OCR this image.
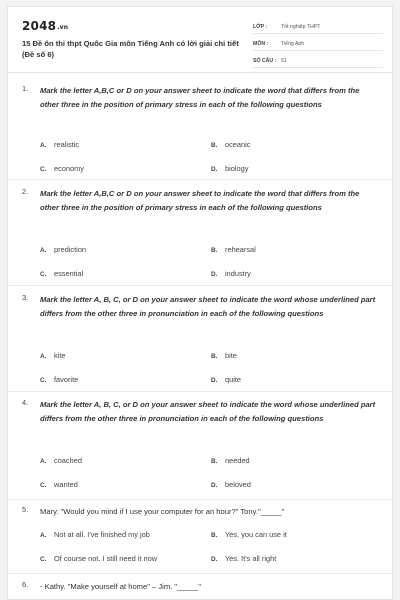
2048.vn
15 Đề ôn thi thpt Quốc Gia môn Tiếng Anh có lời giải chi tiết (Đề số 6)
LỚP :	Tốt nghiệp THPT
MÔN :	Tiếng Anh
SỐ CÂU : 51
1. Mark the letter A,B,C or D on your answer sheet to indicate the word that differs from the other three in the position of primary stress in each of the following questions
A. realistic	B. oceanic
C. economy	D. biology
2. Mark the letter A,B,C or D on your answer sheet to indicate the word that differs from the other three in the position of primary stress in each of the following questions
A. prediction	B. rehearsal
C. essential	D. industry
3. Mark the letter A, B, C, or D on your answer sheet to indicate the word whose underlined part differs from the other three in pronunciation in each of the following questions
A. kite	B. bite
C. favorite	D. quite
4. Mark the letter A, B, C, or D on your answer sheet to indicate the word whose underlined part differs from the other three in pronunciation in each of the following questions
A. coached	B. needed
C. wanted	D. beloved
5. Mary. "Would you mind if I use your computer for an hour?" Tony."_____"
A. Not at all. I've finished my job	B. Yes, you can use it
C. Of course not. I still need it now	D. Yes. It's all right
6. - Kathy. "Make yourself at home" – Jim. "_____"
